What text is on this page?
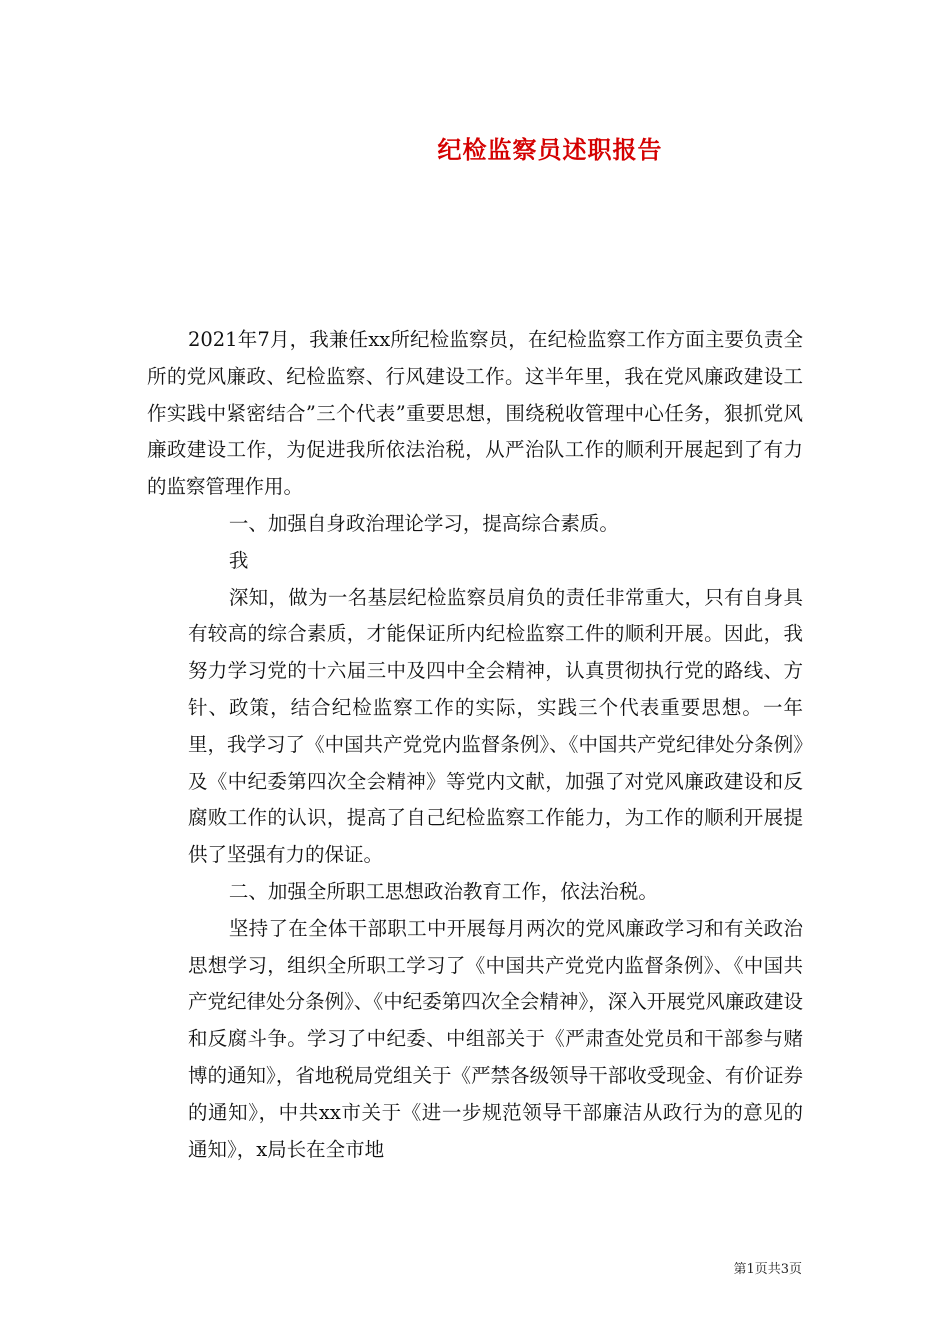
纪检监察员述职报告

2021年7月，我兼任xx所纪检监察员，在纪检监察工作方面主要负责全所的党风廉政、纪检监察、行风建设工作。这半年里，我在党风廉政建设工作实践中紧密结合”三个代表”重要思想，围绕税收管理中心任务，狠抓党风廉政建设工作，为促进我所依法治税，从严治队工作的顺利开展起到了有力的监察管理作用。

一、加强自身政治理论学习，提高综合素质。

我

深知，做为一名基层纪检监察员肩负的责任非常重大，只有自身具有较高的综合素质，才能保证所内纪检监察工件的顺利开展。因此，我努力学习党的十六届三中及四中全会精神，认真贯彻执行党的路线、方针、政策，结合纪检监察工作的实际，实践三个代表重要思想。一年里，我学习了《中国共产党党内监督条例》、《中国共产党纪律处分条例》及《中纪委第四次全会精神》等党内文献，加强了对党风廉政建设和反腐败工作的认识，提高了自己纪检监察工作能力，为工作的顺利开展提供了坚强有力的保证。

二、加强全所职工思想政治教育工作，依法治税。

坚持了在全体干部职工中开展每月两次的党风廉政学习和有关政治思想学习，组织全所职工学习了《中国共产党党内监督条例》、《中国共产党纪律处分条例》、《中纪委第四次全会精神》，深入开展党风廉政建设和反腐斗争。学习了中纪委、中组部关于《严肃查处党员和干部参与赌博的通知》，省地税局党组关于《严禁各级领导干部收受现金、有价证券的通知》，中共xx市关于《进一步规范领导干部廉洁从政行为的意见的通知》，x局长在全市地

第1页共3页
